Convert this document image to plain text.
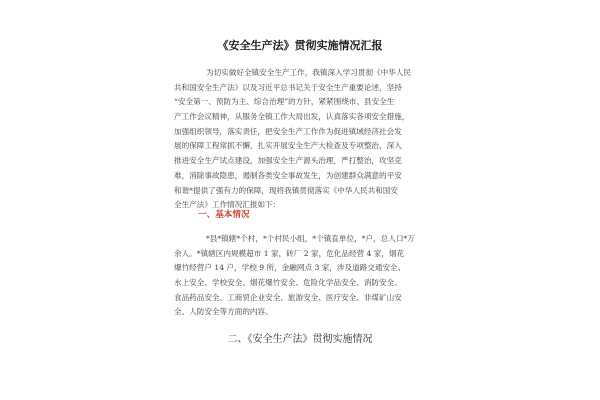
《安全生产法》贯彻实施情况汇报
为切实做好全镇安全生产工作，我镇深入学习贯彻《中华人民
共和国安全生产法》以及习近平总书记关于安全生产重要论述，坚持
“安全第一、预防为主、综合治理”的方针，紧紧围绕市、县安全生
产工作会议精神，从服务全镇工作大局出发，认真落实各项安全措施，
加强组织领导，落实责任，把安全生产工作作为促进镇域经济社会发
展的保障工程常抓不懈，扎实开展安全生产大检查及专项整治，深入
推进安全生产试点建设，加强安全生产源头治理，严打整治，攻坚克
难，消除事故隐患，遏制各类安全事故发生，为创建群众满意的平安
和谐*提供了强有力的保障，现将我镇贯彻落实《中华人民共和国安
全生产法》工作情况汇报如下：
一、基本情况
*县*镇辖*个村，*个村民小组，*个镇直单位，*户，总人口*万
余人。*镇辖区内规模超市 1 家，砖厂 2 家，危化品经营 4 家，烟花
爆竹经营户 14 户，学校 9 所，金融网点 3 家，涉及道路交通安全、
水上安全、学校安全、烟花爆竹安全、危险化学品安全、消防安全、
食品药品安全、工商贸企业安全、旅游安全、医疗安全、非煤矿山安
全、人防安全等方面的内容。
二、《安全生产法》贯彻实施情况
